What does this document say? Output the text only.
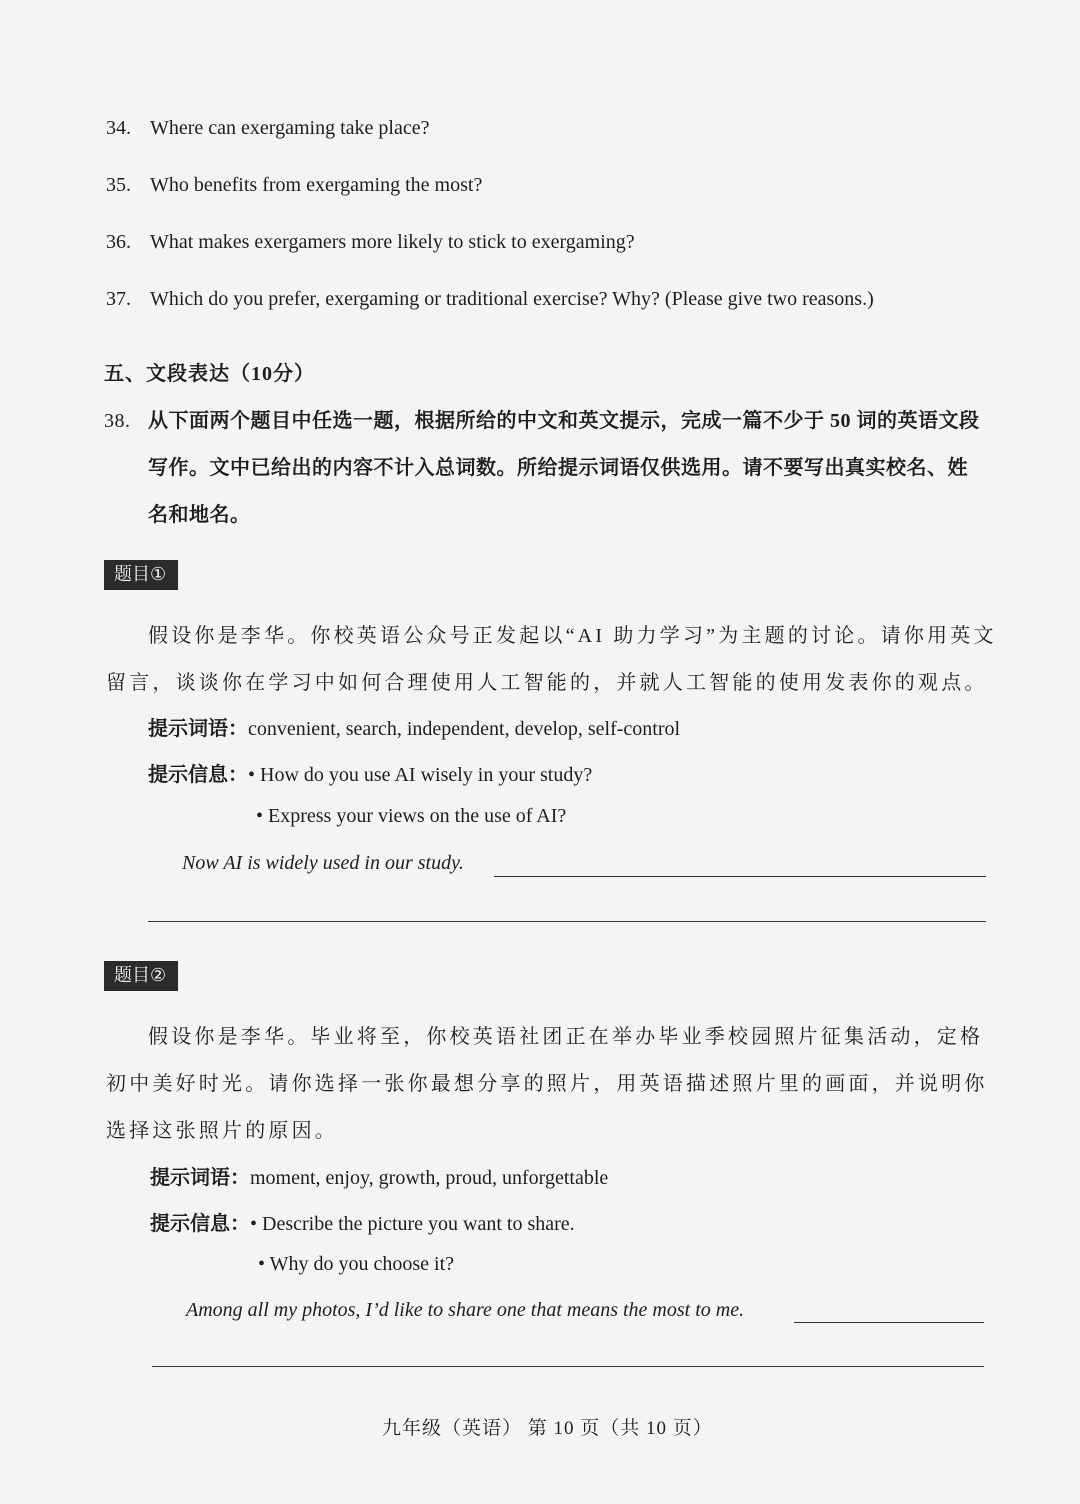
34. Where can exergaming take place?
35. Who benefits from exergaming the most?
36. What makes exergamers more likely to stick to exergaming?
37. Which do you prefer, exergaming or traditional exercise? Why? (Please give two reasons.)
五、文段表达（10分）
38. 从下面两个题目中任选一题，根据所给的中文和英文提示，完成一篇不少于 50 词的英语文段
写作。文中已给出的内容不计入总词数。所给提示词语仅供选用。请不要写出真实校名、姓
名和地名。
题目①
假设你是李华。你校英语公众号正发起以“AI 助力学习”为主题的讨论。请你用英文
留言，谈谈你在学习中如何合理使用人工智能的，并就人工智能的使用发表你的观点。
提示词语：convenient, search, independent, develop, self-control
提示信息：• How do you use AI wisely in your study?
• Express your views on the use of AI?
Now AI is widely used in our study.
题目②
假设你是李华。毕业将至，你校英语社团正在举办毕业季校园照片征集活动，定格
初中美好时光。请你选择一张你最想分享的照片，用英语描述照片里的画面，并说明你
选择这张照片的原因。
提示词语：moment, enjoy, growth, proud, unforgettable
提示信息：• Describe the picture you want to share.
• Why do you choose it?
Among all my photos, I’d like to share one that means the most to me.
九年级（英语） 第 10 页（共 10 页）
